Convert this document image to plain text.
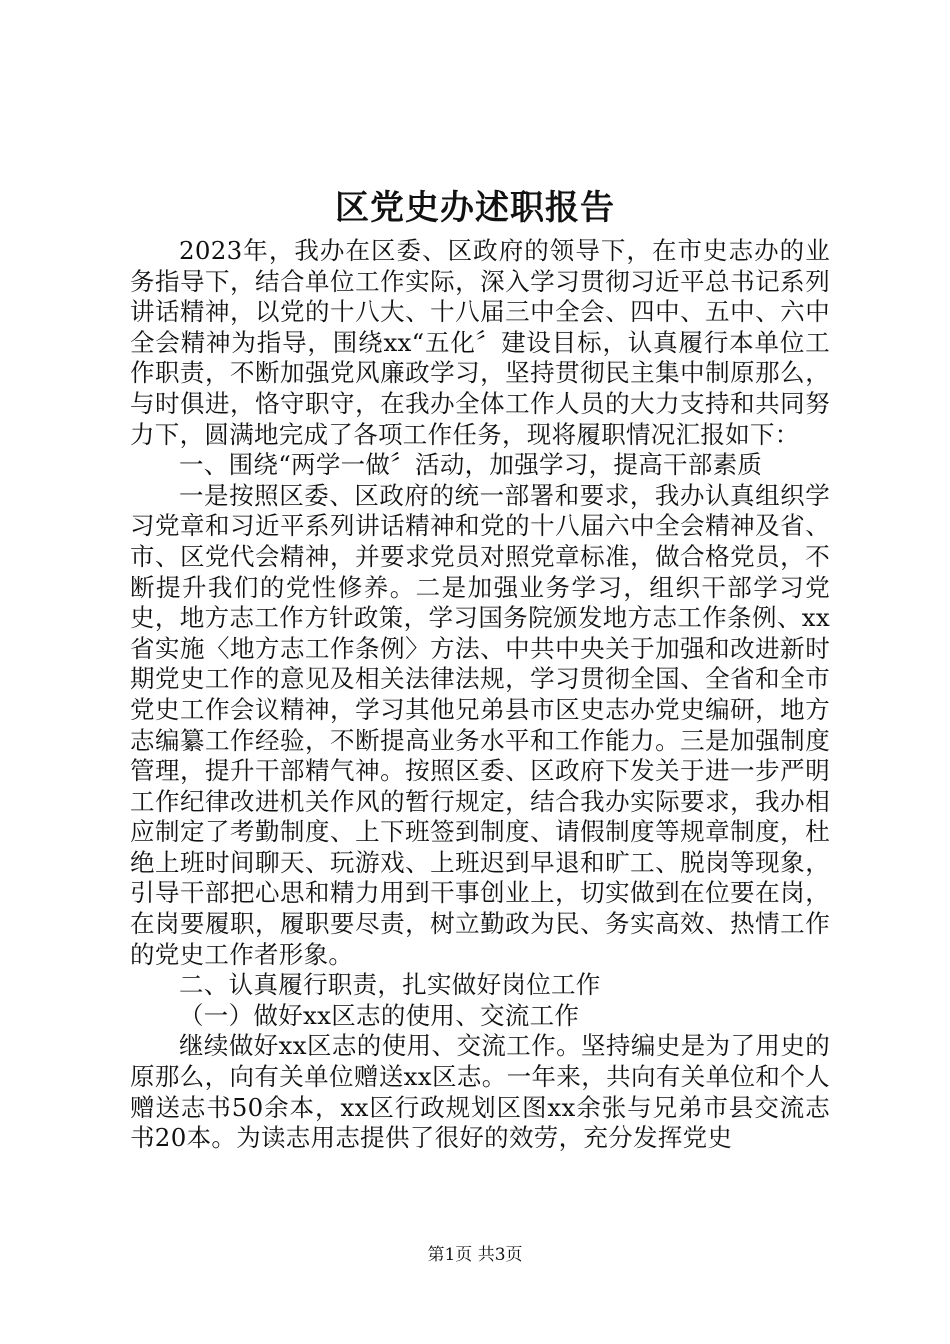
区党史办述职报告

2023年，我办在区委、区政府的领导下，在市史志办的业务指导下，结合单位工作实际，深入学习贯彻习近平总书记系列讲话精神，以党的十八大、十八届三中全会、四中、五中、六中全会精神为指导，围绕xx“五化〞建设目标，认真履行本单位工作职责，不断加强党风廉政学习，坚持贯彻民主集中制原那么，与时俱进，恪守职守，在我办全体工作人员的大力支持和共同努力下，圆满地完成了各项工作任务，现将履职情况汇报如下：

一、围绕“两学一做〞活动，加强学习，提高干部素质

一是按照区委、区政府的统一部署和要求，我办认真组织学习党章和习近平系列讲话精神和党的十八届六中全会精神及省、市、区党代会精神，并要求党员对照党章标准，做合格党员，不断提升我们的党性修养。二是加强业务学习，组织干部学习党史，地方志工作方针政策，学习国务院颁发地方志工作条例、xx省实施〈地方志工作条例〉方法、中共中央关于加强和改进新时期党史工作的意见及相关法律法规，学习贯彻全国、全省和全市党史工作会议精神，学习其他兄弟县市区史志办党史编研，地方志编纂工作经验，不断提高业务水平和工作能力。三是加强制度管理，提升干部精气神。按照区委、区政府下发关于进一步严明工作纪律改进机关作风的暂行规定，结合我办实际要求，我办相应制定了考勤制度、上下班签到制度、请假制度等规章制度，杜绝上班时间聊天、玩游戏、上班迟到早退和旷工、脱岗等现象，引导干部把心思和精力用到干事创业上，切实做到在位要在岗，在岗要履职，履职要尽责，树立勤政为民、务实高效、热情工作的党史工作者形象。

二、认真履行职责，扎实做好岗位工作

（一）做好xx区志的使用、交流工作

继续做好xx区志的使用、交流工作。坚持编史是为了用史的原那么，向有关单位赠送xx区志。一年来，共向有关单位和个人赠送志书50余本，xx区行政规划区图xx余张与兄弟市县交流志书20本。为读志用志提供了很好的效劳，充分发挥党史

第1页 共3页
